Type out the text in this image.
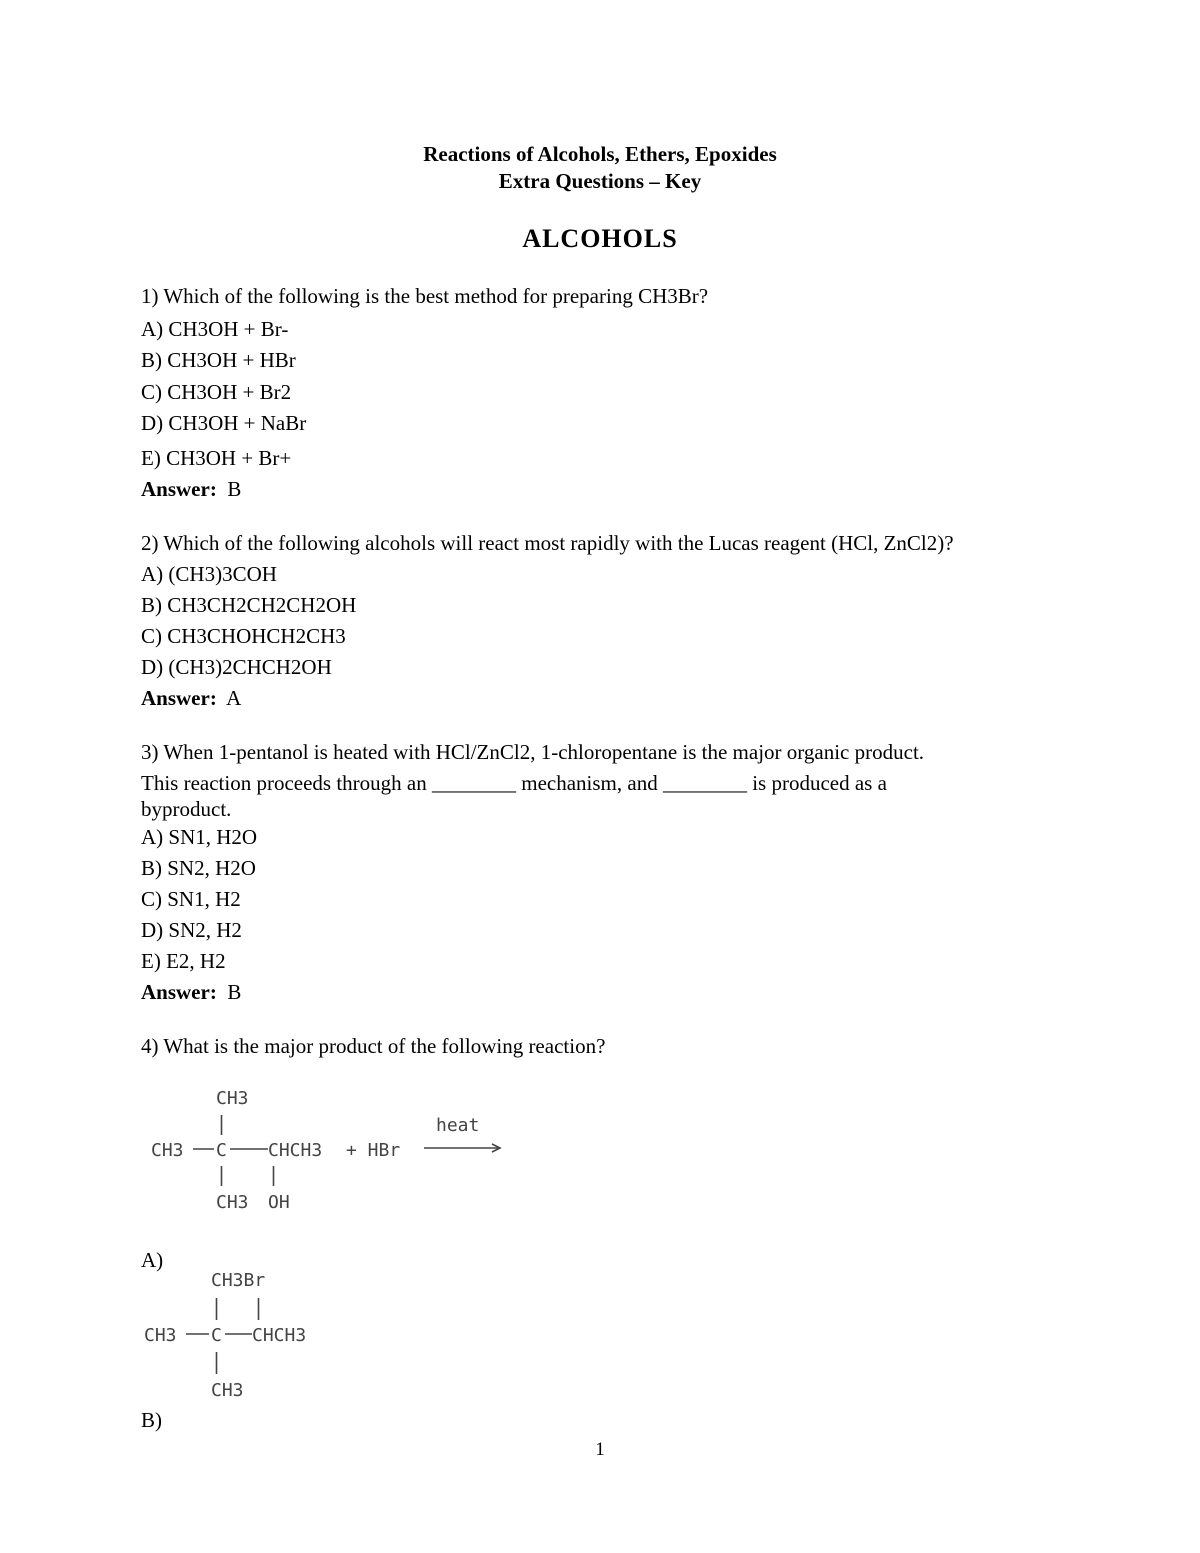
Reactions of Alcohols, Ethers, Epoxides
Extra Questions – Key
ALCOHOLS
1) Which of the following is the best method for preparing CH3Br?
A) CH3OH + Br-
B) CH3OH + HBr
C) CH3OH + Br2
D) CH3OH + NaBr
E) CH3OH + Br+
Answer: B
2) Which of the following alcohols will react most rapidly with the Lucas reagent (HCl, ZnCl2)?
A) (CH3)3COH
B) CH3CH2CH2CH2OH
C) CH3CHOHCH2CH3
D) (CH3)2CHCH2OH
Answer: A
3) When 1-pentanol is heated with HCl/ZnCl2, 1-chloropentane is the major organic product.
This reaction proceeds through an ________ mechanism, and ________ is produced as a
byproduct.
A) SN1, H2O
B) SN2, H2O
C) SN1, H2
D) SN2, H2
E) E2, H2
Answer: B
4) What is the major product of the following reaction?
CH3
CH3 C CHCH3 + HBr
heat
CH3 OH
A)
CH3Br
CH3 C CHCH3
CH3
B)
1
